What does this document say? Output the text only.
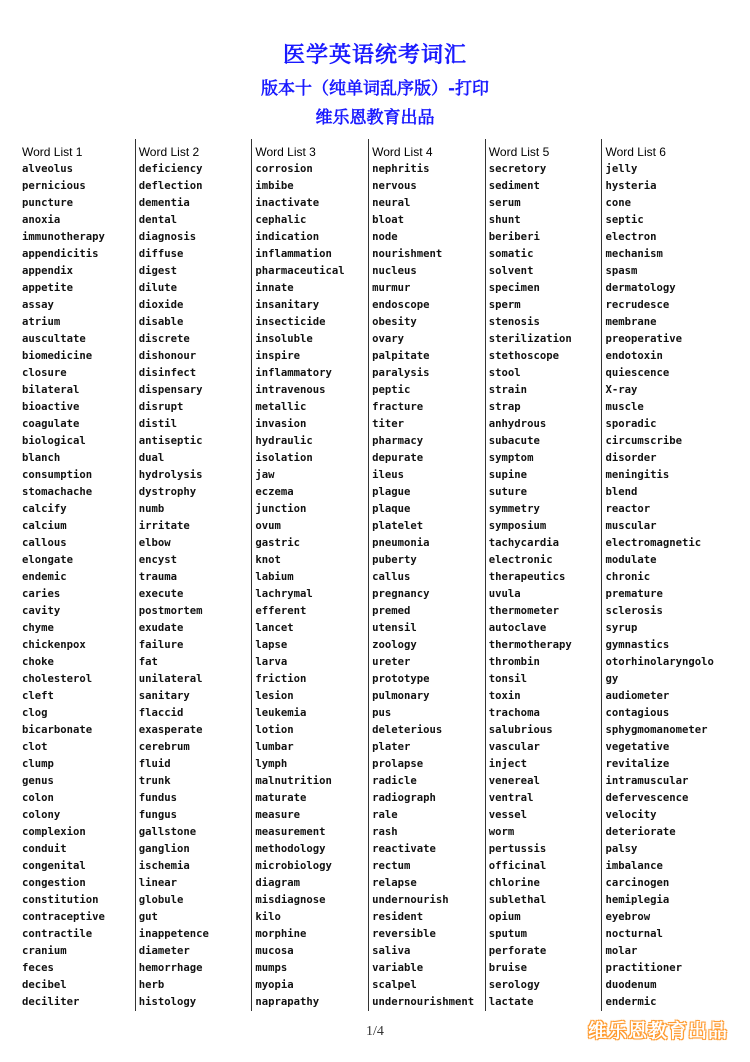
医学英语统考词汇
版本十（纯单词乱序版）-打印
维乐恩教育出品
Word List 1
alveolus
pernicious
puncture
anoxia
immunotherapy
appendicitis
appendix
appetite
assay
atrium
auscultate
biomedicine
closure
bilateral
bioactive
coagulate
biological
blanch
consumption
stomachache
calcify
calcium
callous
elongate
endemic
caries
cavity
chyme
chickenpox
choke
cholesterol
cleft
clog
bicarbonate
clot
clump
genus
colon
colony
complexion
conduit
congenital
congestion
constitution
contraceptive
contractile
cranium
feces
decibel
deciliter
Word List 2
deficiency
deflection
dementia
dental
diagnosis
diffuse
digest
dilute
dioxide
disable
discrete
dishonour
disinfect
dispensary
disrupt
distil
antiseptic
dual
hydrolysis
dystrophy
numb
irritate
elbow
encyst
trauma
execute
postmortem
exudate
failure
fat
unilateral
sanitary
flaccid
exasperate
cerebrum
fluid
trunk
fundus
fungus
gallstone
ganglion
ischemia
linear
globule
gut
inappetence
diameter
hemorrhage
herb
histology
Word List 3
corrosion
imbibe
inactivate
cephalic
indication
inflammation
pharmaceutical
innate
insanitary
insecticide
insoluble
inspire
inflammatory
intravenous
metallic
invasion
hydraulic
isolation
jaw
eczema
junction
ovum
gastric
knot
labium
lachrymal
efferent
lancet
lapse
larva
friction
lesion
leukemia
lotion
lumbar
lymph
malnutrition
maturate
measure
measurement
methodology
microbiology
diagram
misdiagnose
kilo
morphine
mucosa
mumps
myopia
naprapathy
Word List 4
nephritis
nervous
neural
bloat
node
nourishment
nucleus
murmur
endoscope
obesity
ovary
palpitate
paralysis
peptic
fracture
titer
pharmacy
depurate
ileus
plague
plaque
platelet
pneumonia
puberty
callus
pregnancy
premed
utensil
zoology
ureter
prototype
pulmonary
pus
deleterious
plater
prolapse
radicle
radiograph
rale
rash
reactivate
rectum
relapse
undernourish
resident
reversible
saliva
variable
scalpel
undernourishment
Word List 5
secretory
sediment
serum
shunt
beriberi
somatic
solvent
specimen
sperm
stenosis
sterilization
stethoscope
stool
strain
strap
anhydrous
subacute
symptom
supine
suture
symmetry
symposium
tachycardia
electronic
therapeutics
uvula
thermometer
autoclave
thermotherapy
thrombin
tonsil
toxin
trachoma
salubrious
vascular
inject
venereal
ventral
vessel
worm
pertussis
officinal
chlorine
sublethal
opium
sputum
perforate
bruise
serology
lactate
Word List 6
jelly
hysteria
cone
septic
electron
mechanism
spasm
dermatology
recrudesce
membrane
preoperative
endotoxin
quiescence
X-ray
muscle
sporadic
circumscribe
disorder
meningitis
blend
reactor
muscular
electromagnetic
modulate
chronic
premature
sclerosis
syrup
gymnastics
otorhinolaryngolo
gy
audiometer
contagious
sphygmomanometer
vegetative
revitalize
intramuscular
defervescence
velocity
deteriorate
palsy
imbalance
carcinogen
hemiplegia
eyebrow
nocturnal
molar
practitioner
duodenum
endermic
1/4	维乐恩教育出品
